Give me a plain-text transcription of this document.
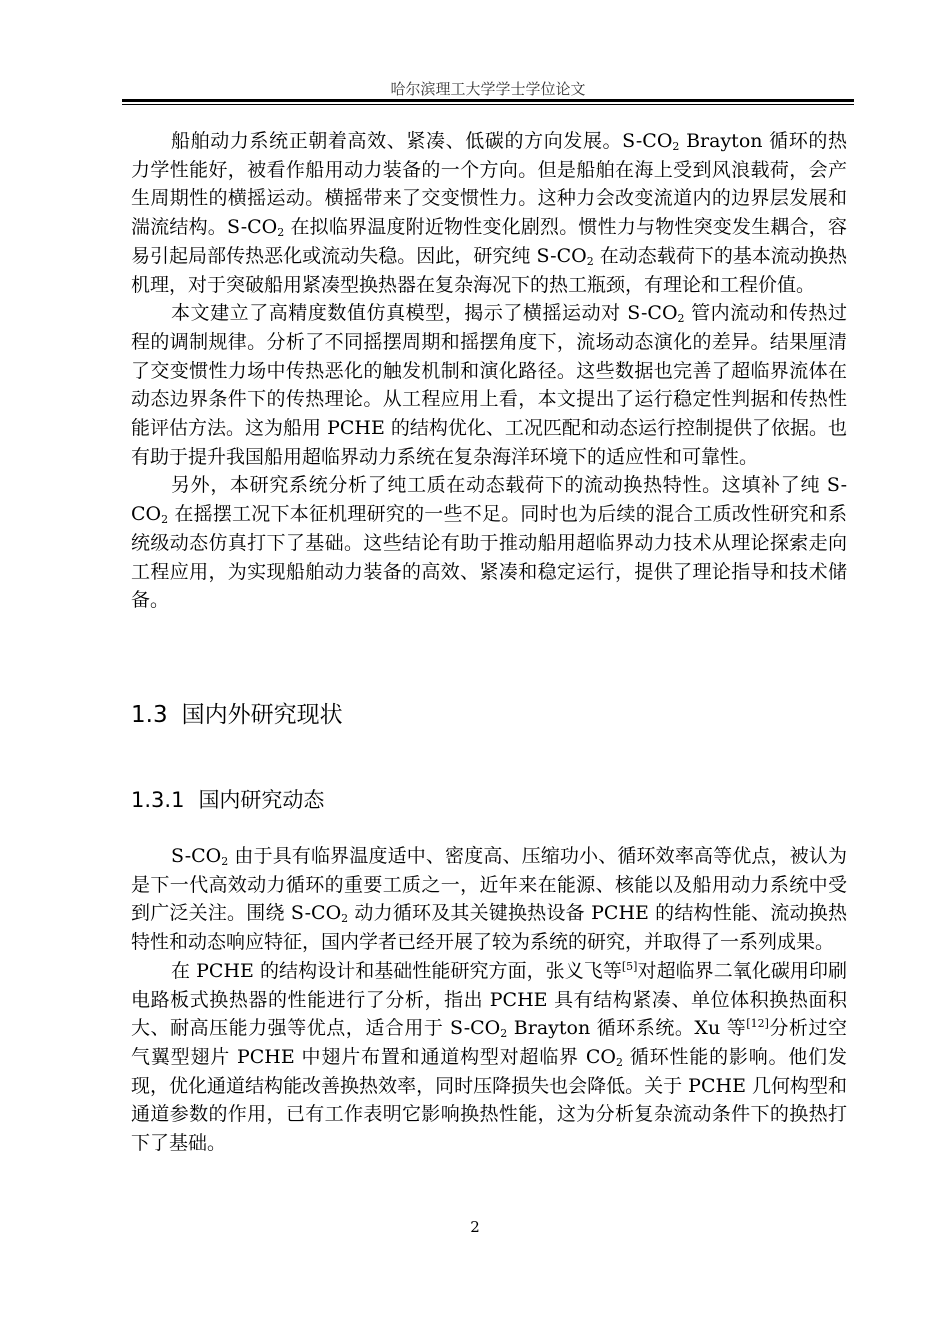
哈尔滨理工大学学士学位论文

船舶动力系统正朝着高效、紧凑、低碳的方向发展。$S-CO_2$ Brayton 循环的热力学性能好，被看作船用动力装备的一个方向。但是船舶在海上受到风浪载荷，会产生周期性的横摇运动。横摇带来了交变惯性力。这种力会改变流道内的边界层发展和湍流结构。$S-CO_2$ 在拟临界温度附近物性变化剧烈。惯性力与物性突变发生耦合，容易引起局部传热恶化或流动失稳。因此，研究纯 $S-CO_2$ 在动态载荷下的基本流动换热机理，对于突破船用紧凑型换热器在复杂海况下的热工瓶颈，有理论和工程价值。

本文建立了高精度数值仿真模型，揭示了横摇运动对 $S-CO_2$ 管内流动和传热过程的调制规律。分析了不同摇摆周期和摇摆角度下，流场动态演化的差异。结果厘清了交变惯性力场中传热恶化的触发机制和演化路径。这些数据也完善了超临界流体在动态边界条件下的传热理论。从工程应用上看，本文提出了运行稳定性判据和传热性能评估方法。这为船用 PCHE 的结构优化、工况匹配和动态运行控制提供了依据。也有助于提升我国船用超临界动力系统在复杂海洋环境下的适应性和可靠性。

另外，本研究系统分析了纯工质在动态载荷下的流动换热特性。这填补了纯 $S-CO_2$ 在摇摆工况下本征机理研究的一些不足。同时也为后续的混合工质改性研究和系统级动态仿真打下了基础。这些结论有助于推动船用超临界动力技术从理论探索走向工程应用，为实现船舶动力装备的高效、紧凑和稳定运行，提供了理论指导和技术储备。

1.3 国内外研究现状
1.3.1 国内研究动态

$S-CO_2$ 由于具有临界温度适中、密度高、压缩功小、循环效率高等优点，被认为是下一代高效动力循环的重要工质之一，近年来在能源、核能以及船用动力系统中受到广泛关注。围绕 $S-CO_2$ 动力循环及其关键换热设备 PCHE 的结构性能、流动换热特性和动态响应特征，国内学者已经开展了较为系统的研究，并取得了一系列成果。

在 PCHE 的结构设计和基础性能研究方面，张义飞等[5]对超临界二氧化碳用印刷电路板式换热器的性能进行了分析，指出 PCHE 具有结构紧凑、单位体积换热面积大、耐高压能力强等优点，适合用于 $S-CO_2$ Brayton 循环系统。Xu 等[12]分析过空气翼型翅片 PCHE 中翅片布置和通道构型对超临界 $CO_2$ 循环性能的影响。他们发现，优化通道结构能改善换热效率，同时压降损失也会降低。关于 PCHE 几何构型和通道参数的作用，已有工作表明它影响换热性能，这为分析复杂流动条件下的换热打下了基础。

2
